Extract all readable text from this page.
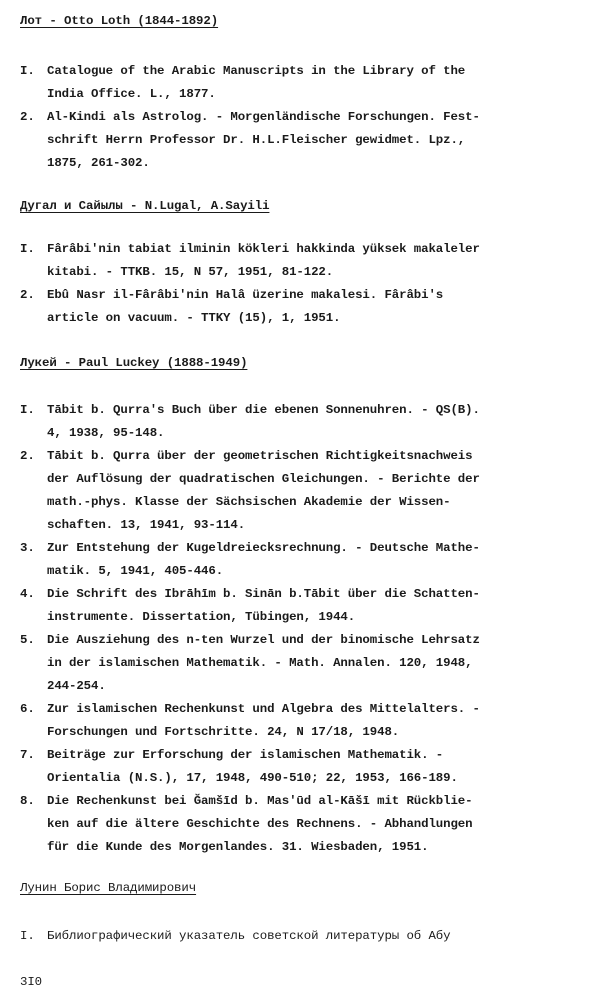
Лот - Otto Loth (1844-1892)
I. Catalogue of the Arabic Manuscripts in the Library of the
India Office. L., 1877.
2. Al-Kindi als Astrolog. - Morgenländische Forschungen. Fest-
schrift Herrn Professor Dr. H.L.Fleischer gewidmet. Lpz.,
1875, 261-302.
Дугал и Сайылы - N.Lugal, A.Sayili
I. Fârâbi'nin tabiat ilminin kökleri hakkinda yüksek makaleler
kitabi. - TTKB. 15, N 57, 1951, 81-122.
2. Ebû Nasr il-Fârâbi'nin Halâ üzerine makalesi. Fârâbi's
article on vacuum. - TTKY (15), 1, 1951.
Лукей - Paul Luckey (1888-1949)
I. Tābit b. Qurra's Buch über die ebenen Sonnenuhren. - QS(B).
4, 1938, 95-148.
2. Tābit b. Qurra über der geometrischen Richtigkeitsnachweis
der Auflösung der quadratischen Gleichungen. - Berichte der
math.-phys. Klasse der Sächsischen Akademie der Wissen-
schaften. 13, 1941, 93-114.
3. Zur Entstehung der Kugeldreiecksrechnung. - Deutsche Mathe-
matik. 5, 1941, 405-446.
4. Die Schrift des Ibrāhīm b. Sinān b.Tābit über die Schatten-
instrumente. Dissertation, Tübingen, 1944.
5. Die Ausziehung des n-ten Wurzel und der binomische Lehrsatz
in der islamischen Mathematik. - Math. Annalen. 120, 1948,
244-254.
6. Zur islamischen Rechenkunst und Algebra des Mittelalters. -
Forschungen und Fortschritte. 24, N 17/18, 1948.
7. Beiträge zur Erforschung der islamischen Mathematik. -
Orientalia (N.S.), 17, 1948, 490-510; 22, 1953, 166-189.
8. Die Rechenkunst bei Ğamšīd b. Mas'ūd al-Kāšī mit Rückblie-
ken auf die ältere Geschichte des Rechnens. - Abhandlungen
für die Kunde des Morgenlandes. 31. Wiesbaden, 1951.
Лунин Борис Владимирович
I. Библиографический указатель советской литературы об Абу
3I0
